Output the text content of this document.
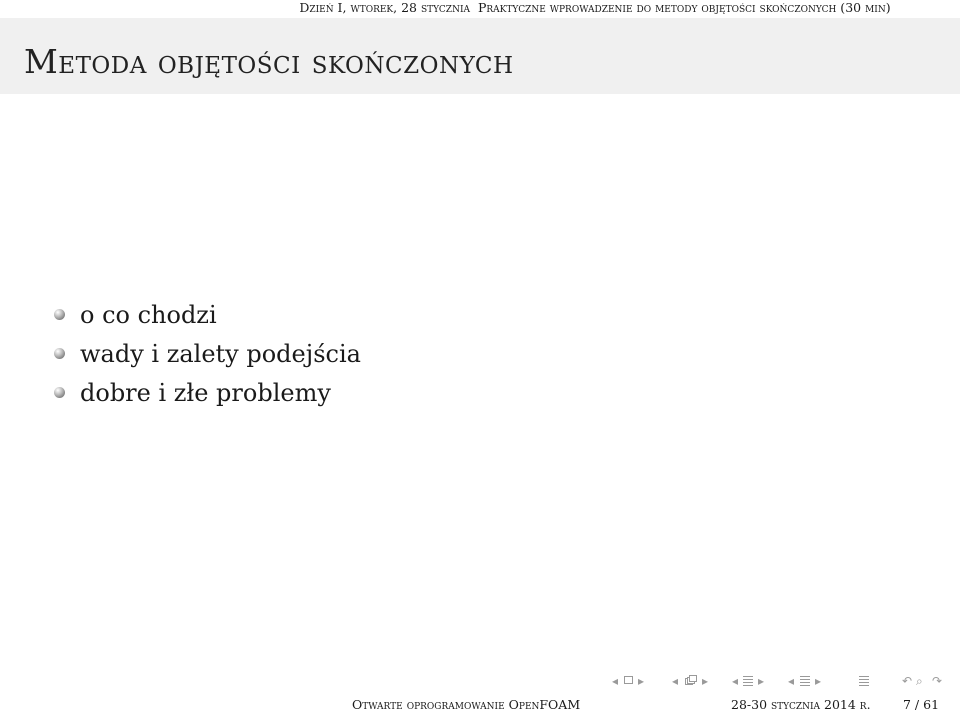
Dzień I, wtorek, 28 stycznia Praktyczne wprowadzenie do metody objętości skończonych (30 min)
Metoda objętości skończonych
o co chodzi
wady i zalety podejścia
dobre i złe problemy
◂ ▸ ◂ ▸ ◂ ▸ ◂ ▸	↶ ⌕ ↷
Otwarte oprogramowanie OpenFOAM	28-30 stycznia 2014 r.	7 / 61
